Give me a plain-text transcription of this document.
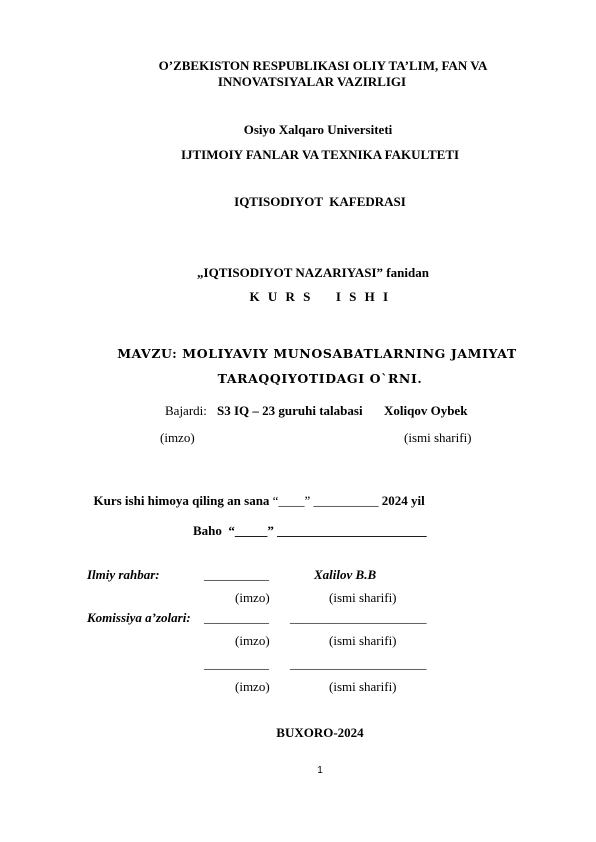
O’ZBEKISTON RESPUBLIKASI OLIY TA’LIM, FAN VA
INNOVATSIYALAR VAZIRLIGI
Osiyo Xalqaro Universiteti
IJTIMOIY FANLAR VA TEXNIKA FAKULTETI
IQTISODIYOT  KAFEDRASI
„IQTISODIYOT NAZARIYASI” fanidan
K U R S    I S H I
MAVZU: MOLIYAVIY MUNOSABATLARNING JAMIYAT
TARAQQIYOTIDAGI O`RNI.
Bajardi: S3 IQ – 23 guruhi talabasi Xoliqov Oybek
(imzo)	(ismi sharifi)

Kurs ishi himoya qiling an sana “____” __________ 2024 yil

Baho  “_____” _______________________
Ilmiy rahbar:	__________	Xalilov B.B
(imzo)	(ismi sharifi)
Komissiya a’zolari: __________ _____________________
(imzo)	(ismi sharifi)
__________ _____________________
(imzo)	(ismi sharifi)
BUXORO-2024
1
